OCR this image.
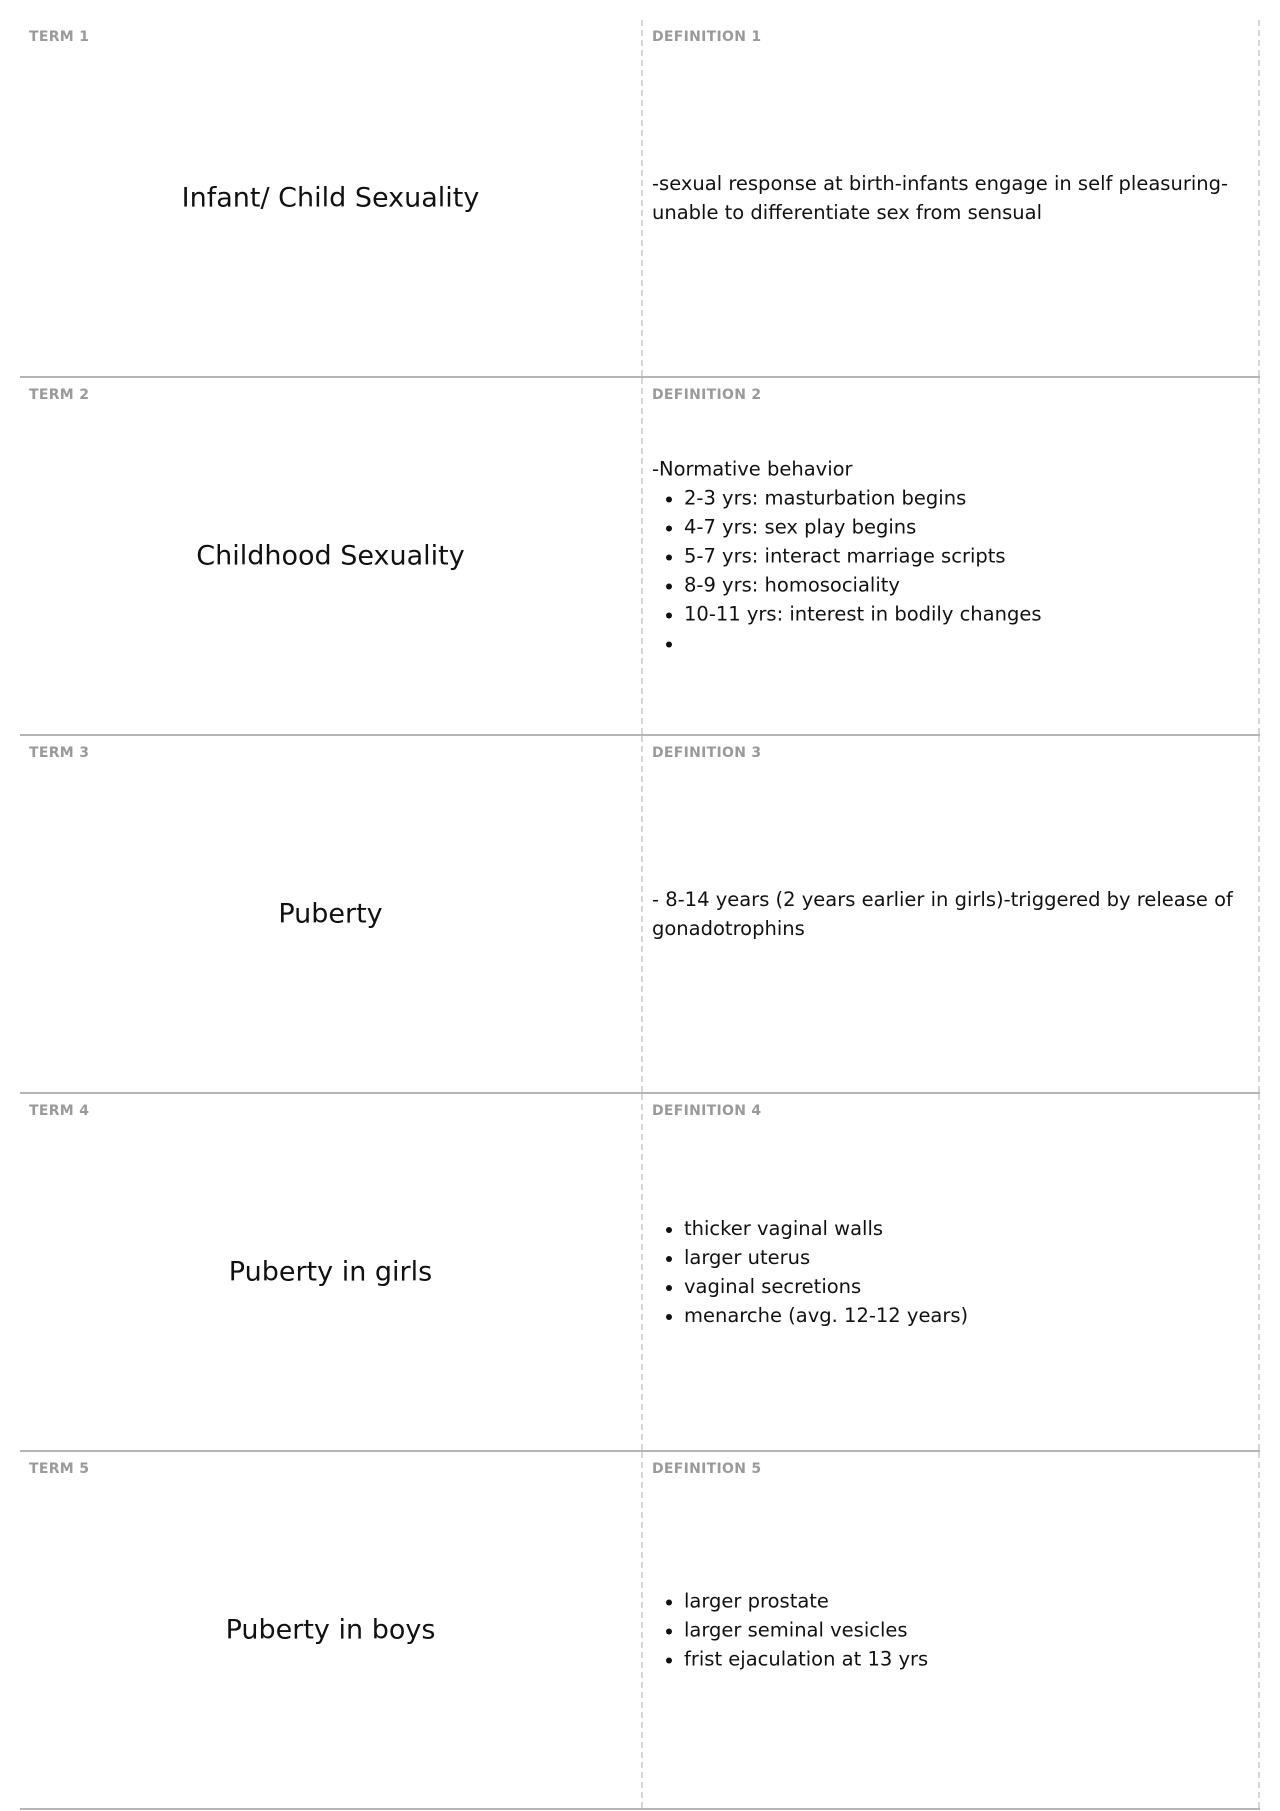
TERM 1
Infant/ Child Sexuality
DEFINITION 1

-sexual response at birth-infants engage in self pleasuring-unable to differentiate sex from sensual

TERM 2
Childhood Sexuality
DEFINITION 2

-Normative behavior

• 2-3 yrs: masturbation begins
• 4-7 yrs: sex play begins
• 5-7 yrs: interact marriage scripts
• 8-9 yrs: homosociality
• 10-11 yrs: interest in bodily changes
•
TERM 3
Puberty
DEFINITION 3

- 8-14 years (2 years earlier in girls)-triggered by release of gonadotrophins

TERM 4
Puberty in girls
DEFINITION 4
• thicker vaginal walls
• larger uterus
• vaginal secretions
• menarche (avg. 12-12 years)
TERM 5
Puberty in boys
DEFINITION 5
• larger prostate
• larger seminal vesicles
• frist ejaculation at 13 yrs
